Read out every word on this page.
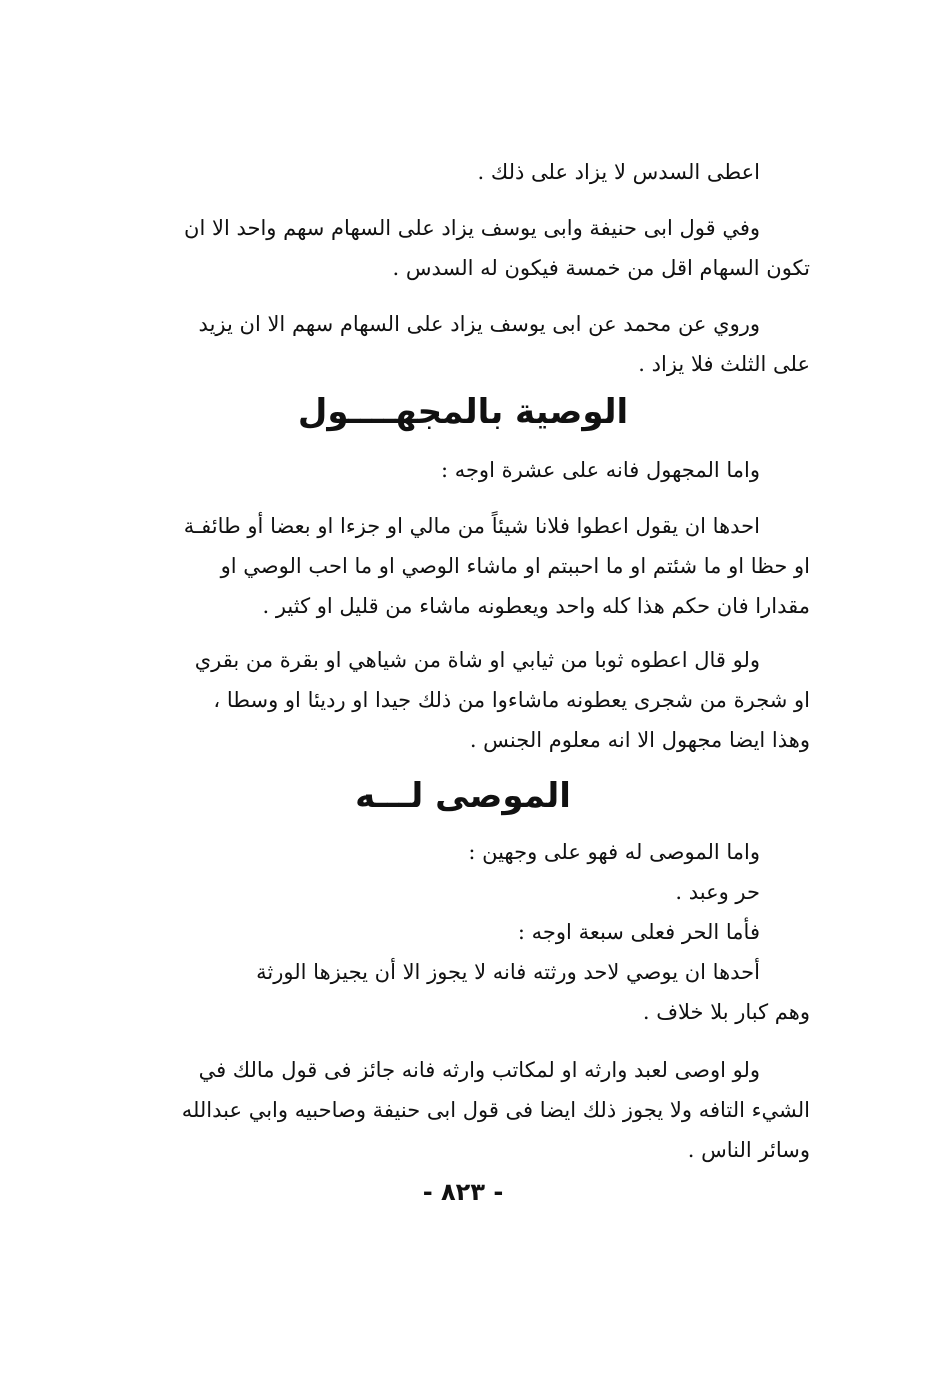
اعطى السدس لا يزاد على ذلك .
وفي قول ابى حنيفة وابى يوسف يزاد على السهام سهم واحد الا ان
تكون السهام اقل من خمسة فيكون له السدس .
وروي عن محمد عن ابى يوسف يزاد على السهام سهم الا ان يزيد
على الثلث فلا يزاد .
الوصية بالمجهــــول
واما المجهول فانه على عشرة اوجه :
احدها ان يقول اعطوا فلانا شيئاً من مالي او جزءا او بعضا أو طائفـة
او حظا او ما شئتم او ما احببتم او ماشاء الوصي او ما احب الوصي او
مقدارا فان حكم هذا كله واحد ويعطونه ماشاء من قليل او كثير .
ولو قال اعطوه ثوبا من ثيابي او شاة من شياهي او بقرة من بقري
او شجرة من شجرى يعطونه ماشاءوا من ذلك جيدا او رديئا او وسطا ،
وهذا ايضا مجهول الا انه معلوم الجنس .
الموصى لـــه
واما الموصى له فهو على وجهين :
حر وعبد .
فأما الحر فعلى سبعة اوجه :
أحدها ان يوصي لاحد ورثته فانه لا يجوز الا أن يجيزها الورثة
وهم كبار بلا خلاف .
ولو اوصى لعبد وارثه او لمكاتب وارثه فانه جائز فى قول مالك في
الشيء التافه ولا يجوز ذلك ايضا فى قول ابى حنيفة وصاحبيه وابي عبدالله
وسائر الناس .
- ٨٢٣ -
